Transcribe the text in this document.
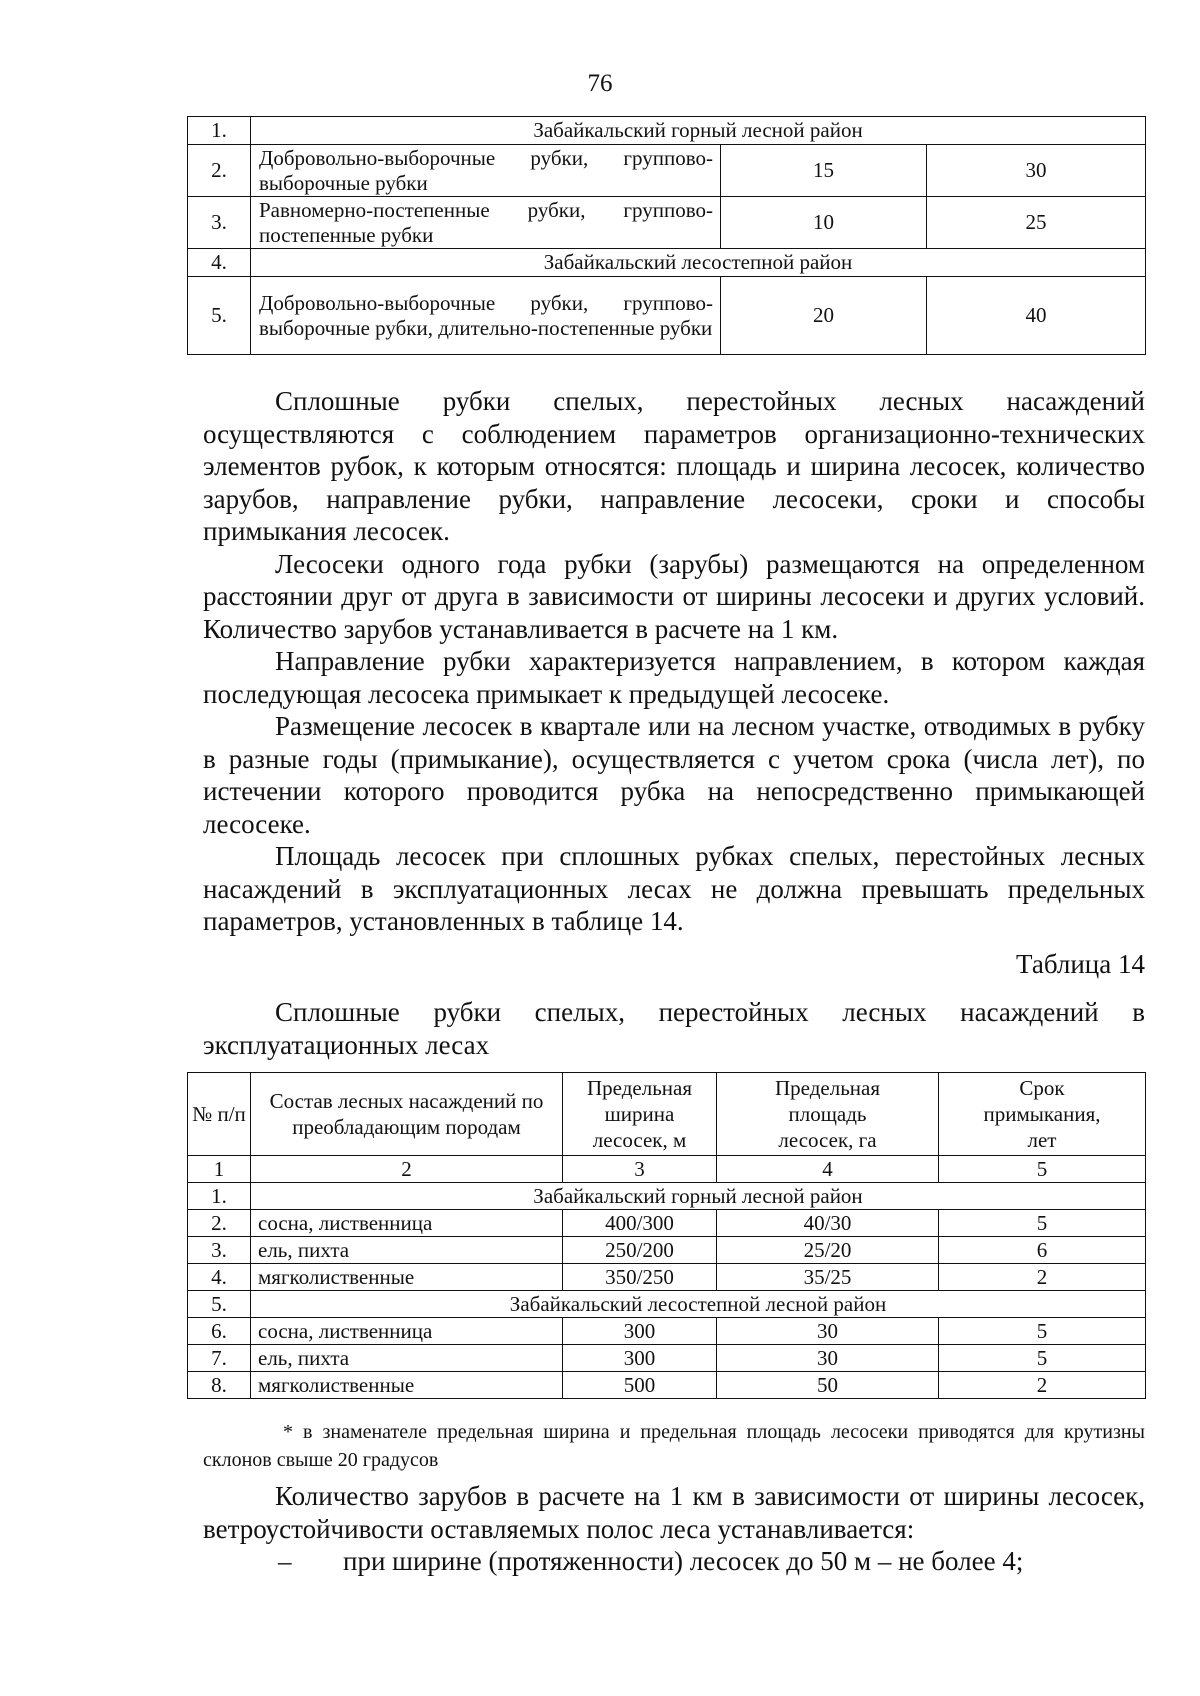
76
1.	Забайкальский горный лесной район		
2.	Добровольно-выборочные рубки, группово-выборочные рубки	15	30
3.	Равномерно-постепенные рубки, группово-постепенные рубки	10	25
4.	Забайкальский лесостепной район		
5.	Добровольно-выборочные рубки, группово-выборочные рубки, длительно-постепенные рубки	20	40

Сплошные рубки спелых, перестойных лесных насаждений осуществляются с соблюдением параметров организационно-технических элементов рубок, к которым относятся: площадь и ширина лесосек, количество зарубов, направление рубки, направление лесосеки, сроки и способы примыкания лесосек.

Лесосеки одного года рубки (зарубы) размещаются на определенном расстоянии друг от друга в зависимости от ширины лесосеки и других условий. Количество зарубов устанавливается в расчете на 1 км.

Направление рубки характеризуется направлением, в котором каждая последующая лесосека примыкает к предыдущей лесосеке.

Размещение лесосек в квартале или на лесном участке, отводимых в рубку в разные годы (примыкание), осуществляется с учетом срока (числа лет), по истечении которого проводится рубка на непосредственно примыкающей лесосеке.

Площадь лесосек при сплошных рубках спелых, перестойных лесных насаждений в эксплуатационных лесах не должна превышать предельных параметров, установленных в таблице 14.

Таблица 14
Сплошные рубки спелых, перестойных лесных насаждений в эксплуатационных лесах
№ п/п	Состав лесных насаждений по преобладающим породам	Предельная ширина лесосек, м	Предельная площадь лесосек, га	Срок примыкания, лет
1	2	3	4	5
1.	Забайкальский горный лесной район			
2.	сосна, лиственница	400/300	40/30	5
3.	ель, пихта	250/200	25/20	6
4.	мягколиственные	350/250	35/25	2
5.	Забайкальский лесостепной лесной район			
6.	сосна, лиственница	300	30	5
7.	ель, пихта	300	30	5
8.	мягколиственные	500	50	2
* в знаменателе предельная ширина и предельная площадь лесосеки приводятся для крутизны склонов свыше 20 градусов

Количество зарубов в расчете на 1 км в зависимости от ширины лесосек, ветроустойчивости оставляемых полос леса устанавливается:

– при ширине (протяженности) лесосек до 50 м – не более 4;
